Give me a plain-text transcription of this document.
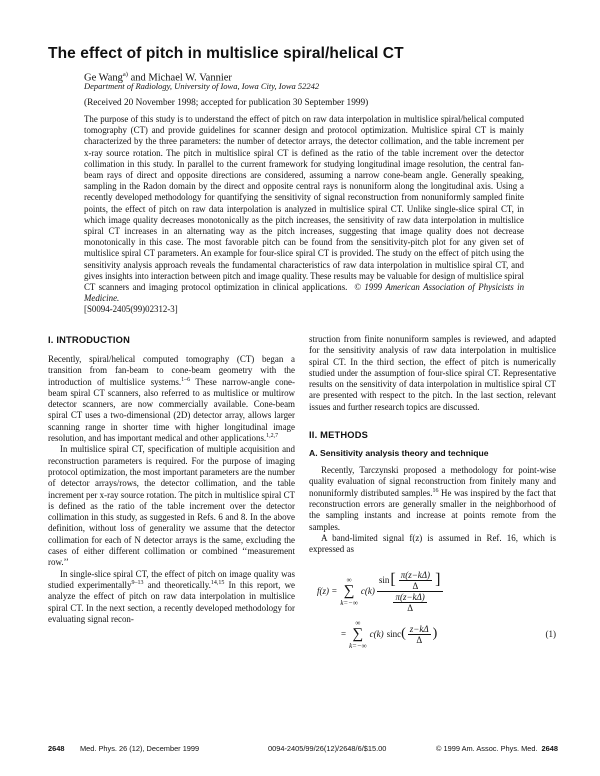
The effect of pitch in multislice spiral/helical CT
Ge Wang$^{a)}$ and Michael W. Vannier
Department of Radiology, University of Iowa, Iowa City, Iowa 52242
(Received 20 November 1998; accepted for publication 30 September 1999)
The purpose of this study is to understand the effect of pitch on raw data interpolation in multislice spiral/helical computed tomography (CT) and provide guidelines for scanner design and protocol optimization. Multislice spiral CT is mainly characterized by the three parameters: the number of detector arrays, the detector collimation, and the table increment per x-ray source rotation. The pitch in multislice spiral CT is defined as the ratio of the table increment over the detector collimation in this study. In parallel to the current framework for studying longitudinal image resolution, the central fan-beam rays of direct and opposite directions are considered, assuming a narrow cone-beam angle. Generally speaking, sampling in the Radon domain by the direct and opposite central rays is nonuniform along the longitudinal axis. Using a recently developed methodology for quantifying the sensitivity of signal reconstruction from nonuniformly sampled finite points, the effect of pitch on raw data interpolation is analyzed in multislice spiral CT. Unlike single-slice spiral CT, in which image quality decreases monotonically as the pitch increases, the sensitivity of raw data interpolation in multislice spiral CT increases in an alternating way as the pitch increases, suggesting that image quality does not decrease monotonically in this case. The most favorable pitch can be found from the sensitivity-pitch plot for any given set of multislice spiral CT parameters. An example for four-slice spiral CT is provided. The study on the effect of pitch using the sensitivity analysis approach reveals the fundamental characteristics of raw data interpolation in multislice spiral CT, and gives insights into interaction between pitch and image quality. These results may be valuable for design of multislice spiral CT scanners and imaging protocol optimization in clinical applications. © 1999 American Association of Physicists in Medicine.
[S0094-2405(99)02312-3]
I. INTRODUCTION

Recently, spiral/helical computed tomography (CT) began a transition from fan-beam to cone-beam geometry with the introduction of multislice systems.$^{1-6}$ These narrow-angle cone-beam spiral CT scanners, also referred to as multislice or multirow detector scanners, are now commercially available. Cone-beam spiral CT uses a two-dimensional (2D) detector array, allows larger scanning range in shorter time with higher longitudinal image resolution, and has important medical and other applications.$^{1,2,7}$

In multislice spiral CT, specification of multiple acquisition and reconstruction parameters is required. For the purpose of imaging protocol optimization, the most important parameters are the number of detector arrays/rows, the detector collimation, and the table increment per x-ray source rotation. The pitch in multislice spiral CT is defined as the ratio of the table increment over the detector collimation in this study, as suggested in Refs. 6 and 8. In the above definition, without loss of generality we assume that the detector collimation for each of N detector arrays is the same, excluding the cases of either different collimation or combined ‘‘measurement row.’’

In single-slice spiral CT, the effect of pitch on image quality was studied experimentally$^{9-13}$ and theoretically.$^{14,15}$ In this report, we analyze the effect of pitch on raw data interpolation in multislice spiral CT. In the next section, a recently developed methodology for evaluating signal recon-

struction from finite nonuniform samples is reviewed, and adapted for the sensitivity analysis of raw data interpolation in multislice spiral CT. In the third section, the effect of pitch is numerically studied under the assumption of four-slice spiral CT. Representative results on the sensitivity of data interpolation in multislice spiral CT are presented with respect to the pitch. In the last section, relevant issues and further research topics are discussed.

II. METHODS
A. Sensitivity analysis theory and technique

Recently, Tarczynski proposed a methodology for point-wise quality evaluation of signal reconstruction from finitely many and nonuniformly distributed samples.$^{16}$ He was inspired by the fact that reconstruction errors are generally smaller in the neighborhood of the sampling instants and increase at points remote from the samples.

A band-limited signal f(z) is assumed in Ref. 16, which is expressed as

f(z) =
∞
∑
k=−∞
c(k)
sin [ $\frac{\pi(z-k\Delta)}{\Delta}$ ]
$\frac{\pi(z-k\Delta)}{\Delta}$
=
∞
∑
k=−∞
c(k) sinc ( $\frac{z-k\Delta}{\Delta}$ )	(1)
2648 Med. Phys. 26 (12), December 1999	0094-2405/99/26(12)/2648/6/$15.00	© 1999 Am. Assoc. Phys. Med. 2648
